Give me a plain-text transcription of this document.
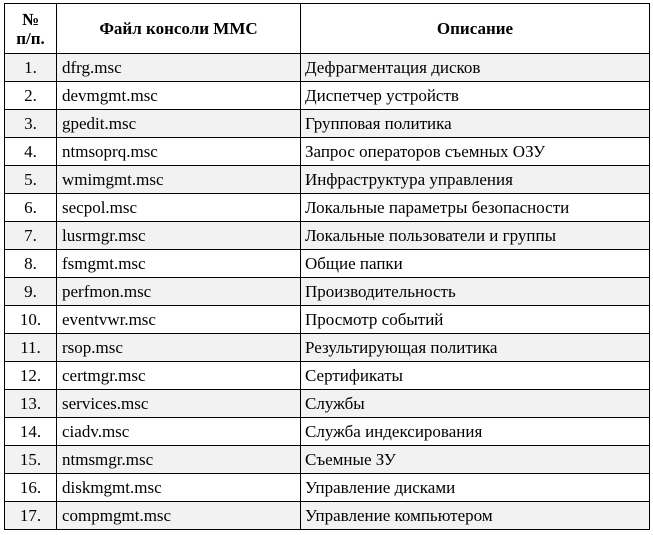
№
п/п.	Файл консоли MMC	Описание
1.	dfrg.msc	Дефрагментация дисков
2.	devmgmt.msc	Диспетчер устройств
3.	gpedit.msc	Групповая политика
4.	ntmsoprq.msc	Запрос операторов съемных ОЗУ
5.	wmimgmt.msc	Инфраструктура управления
6.	secpol.msc	Локальные параметры безопасности
7.	lusrmgr.msc	Локальные пользователи и группы
8.	fsmgmt.msc	Общие папки
9.	perfmon.msc	Производительность
10.	eventvwr.msc	Просмотр событий
11.	rsop.msc	Результирующая политика
12.	certmgr.msc	Сертификаты
13.	services.msc	Службы
14.	ciadv.msc	Служба индексирования
15.	ntmsmgr.msc	Съемные ЗУ
16.	diskmgmt.msc	Управление дисками
17.	compmgmt.msc	Управление компьютером
